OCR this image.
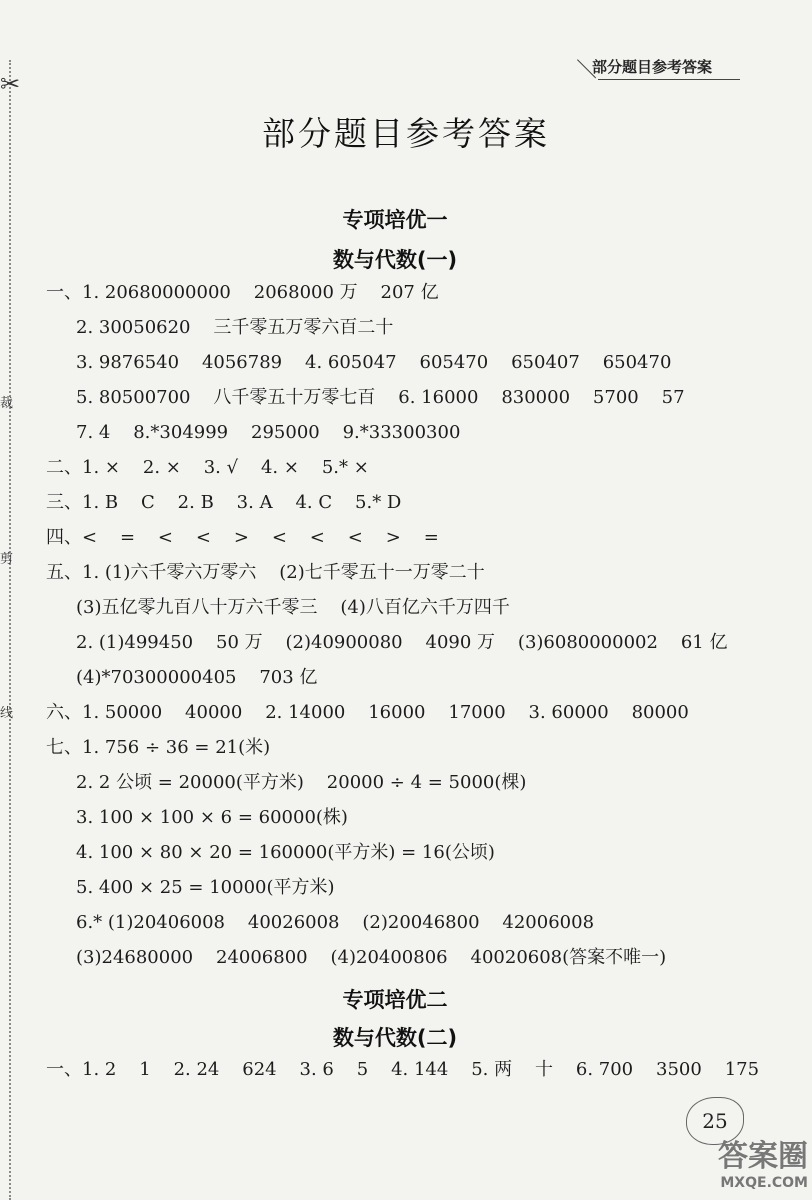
✂
裁
剪
线
部分题目参考答案
部分题目参考答案
专项培优一
数与代数(一)
一、1. 20680000000    2068000 万    207 亿
2. 30050620    三千零五万零六百二十
3. 9876540    4056789    4. 605047    605470    650407    650470
5. 80500700    八千零五十万零七百    6. 16000    830000    5700    57
7. 4    8.*304999    295000    9.*33300300
二、1. ×    2. ×    3. √    4. ×    5.* ×
三、1. B    C    2. B    3. A    4. C    5.* D
四、<    =    <    <    >    <    <    <    >    =
五、1. (1)六千零六万零六    (2)七千零五十一万零二十
(3)五亿零九百八十万六千零三    (4)八百亿六千万四千
2. (1)499450    50 万    (2)40900080    4090 万    (3)6080000002    61 亿
(4)*70300000405    703 亿
六、1. 50000    40000    2. 14000    16000    17000    3. 60000    80000
七、1. 756 ÷ 36 = 21(米)
2. 2 公顷 = 20000(平方米)    20000 ÷ 4 = 5000(棵)
3. 100 × 100 × 6 = 60000(株)
4. 100 × 80 × 20 = 160000(平方米) = 16(公顷)
5. 400 × 25 = 10000(平方米)
6.* (1)20406008    40026008    (2)20046800    42006008
(3)24680000    24006800    (4)20400806    40020608(答案不唯一)
专项培优二
数与代数(二)
一、1. 2    1    2. 24    624    3. 6    5    4. 144    5. 两    十    6. 700    3500    175
25
答案圈
MXQE.COM
